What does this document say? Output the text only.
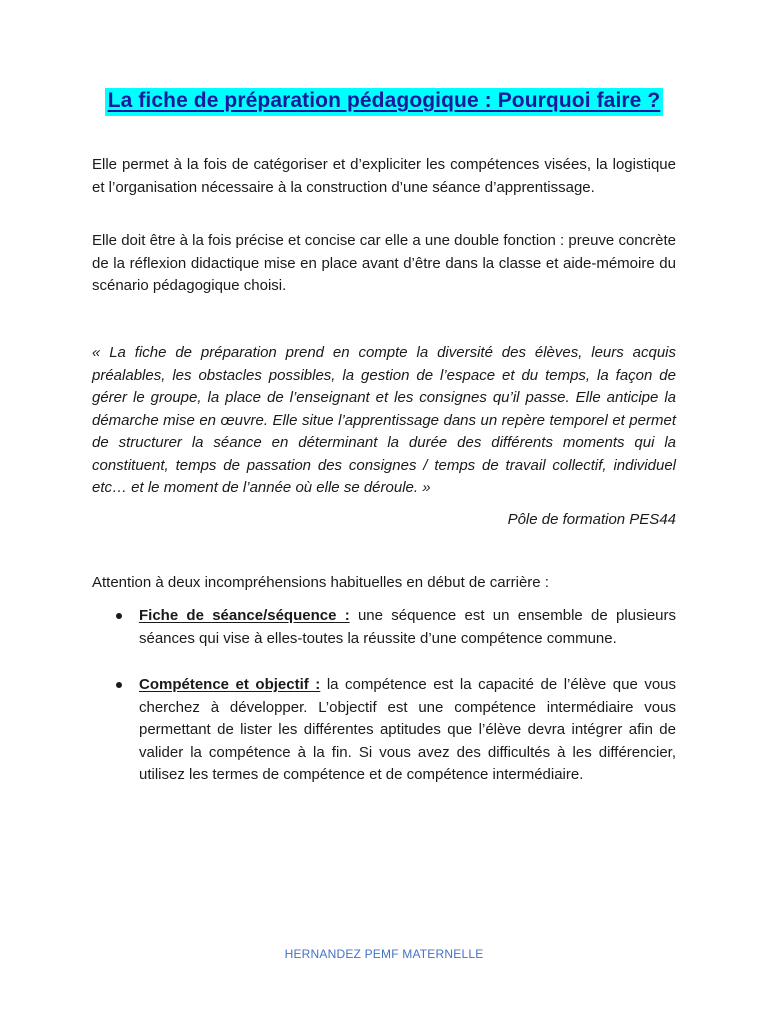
La fiche de préparation pédagogique : Pourquoi faire ?

Elle permet à la fois de catégoriser et d’expliciter les compétences visées, la logistique et l’organisation nécessaire à la construction d’une séance d’apprentissage.

Elle doit être à la fois précise et concise car elle a une double fonction : preuve concrète de la réflexion didactique mise en place avant d’être dans la classe et aide-mémoire du scénario pédagogique choisi.

« La fiche de préparation prend en compte la diversité des élèves, leurs acquis préalables, les obstacles possibles, la gestion de l’espace et du temps, la façon de gérer le groupe, la place de l’enseignant et les consignes qu’il passe. Elle anticipe la démarche mise en œuvre. Elle situe l’apprentissage dans un repère temporel et permet de structurer la séance en déterminant la durée des différents moments qui la constituent, temps de passation des consignes / temps de travail collectif, individuel etc… et le moment de l’année où elle se déroule. »

Pôle de formation PES44

Attention à deux incompréhensions habituelles en début de carrière :

Fiche de séance/séquence : une séquence est un ensemble de plusieurs séances qui vise à elles-toutes la réussite d’une compétence commune.

Compétence et objectif : la compétence est la capacité de l’élève que vous cherchez à développer. L’objectif est une compétence intermédiaire vous permettant de lister les différentes aptitudes que l’élève devra intégrer afin de valider la compétence à la fin. Si vous avez des difficultés à les différencier, utilisez les termes de compétence et de compétence intermédiaire.

HERNANDEZ PEMF MATERNELLE
